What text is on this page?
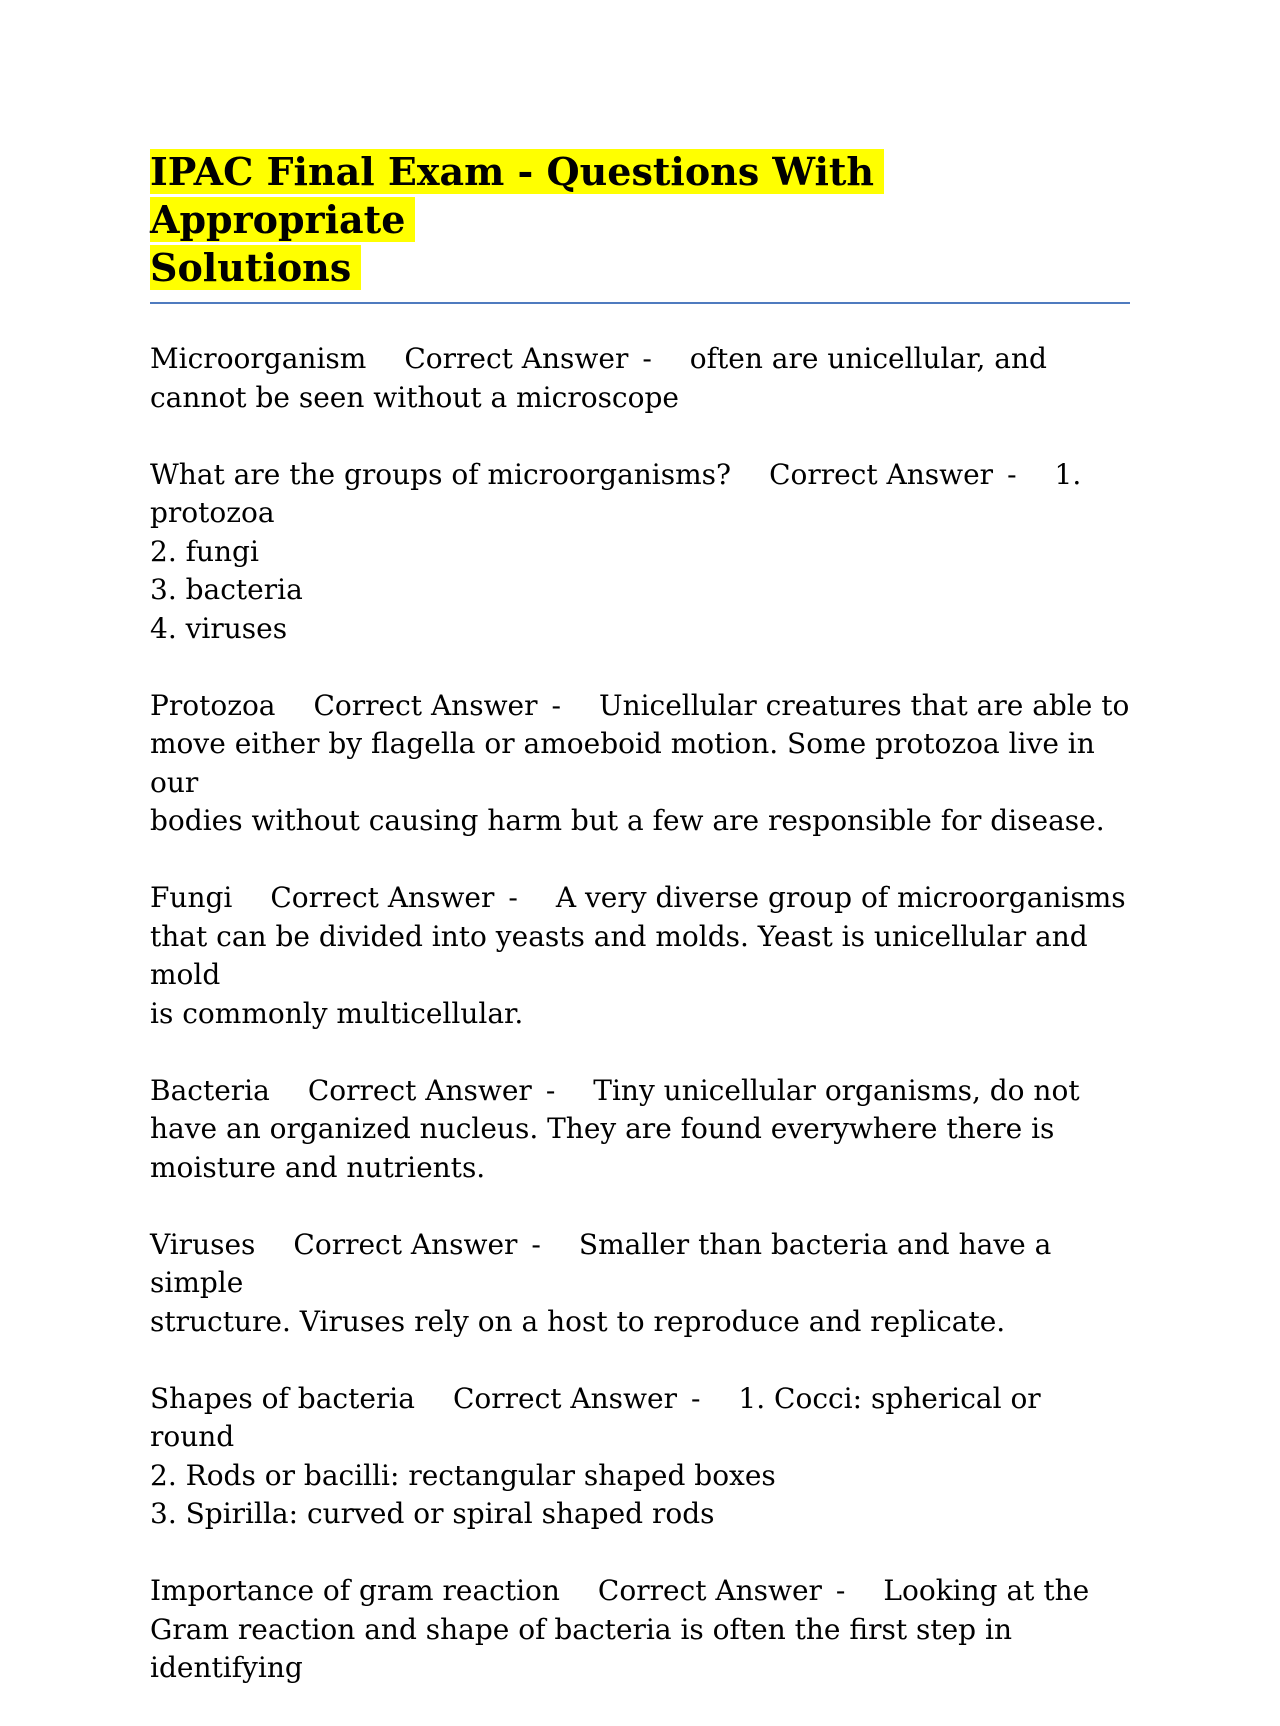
IPAC Final Exam - Questions With Appropriate
Solutions

Microorganism Correct Answer - often are unicellular, and
cannot be seen without a microscope

What are the groups of microorganisms? Correct Answer - 1.
protozoa
2. fungi
3. bacteria
4. viruses

Protozoa Correct Answer - Unicellular creatures that are able to
move either by flagella or amoeboid motion. Some protozoa live in our
bodies without causing harm but a few are responsible for disease.

Fungi Correct Answer - A very diverse group of microorganisms
that can be divided into yeasts and molds. Yeast is unicellular and mold
is commonly multicellular.

Bacteria Correct Answer - Tiny unicellular organisms, do not
have an organized nucleus. They are found everywhere there is
moisture and nutrients.

Viruses Correct Answer - Smaller than bacteria and have a simple
structure. Viruses rely on a host to reproduce and replicate.

Shapes of bacteria Correct Answer - 1. Cocci: spherical or round
2. Rods or bacilli: rectangular shaped boxes
3. Spirilla: curved or spiral shaped rods

Importance of gram reaction Correct Answer - Looking at the
Gram reaction and shape of bacteria is often the first step in identifying
